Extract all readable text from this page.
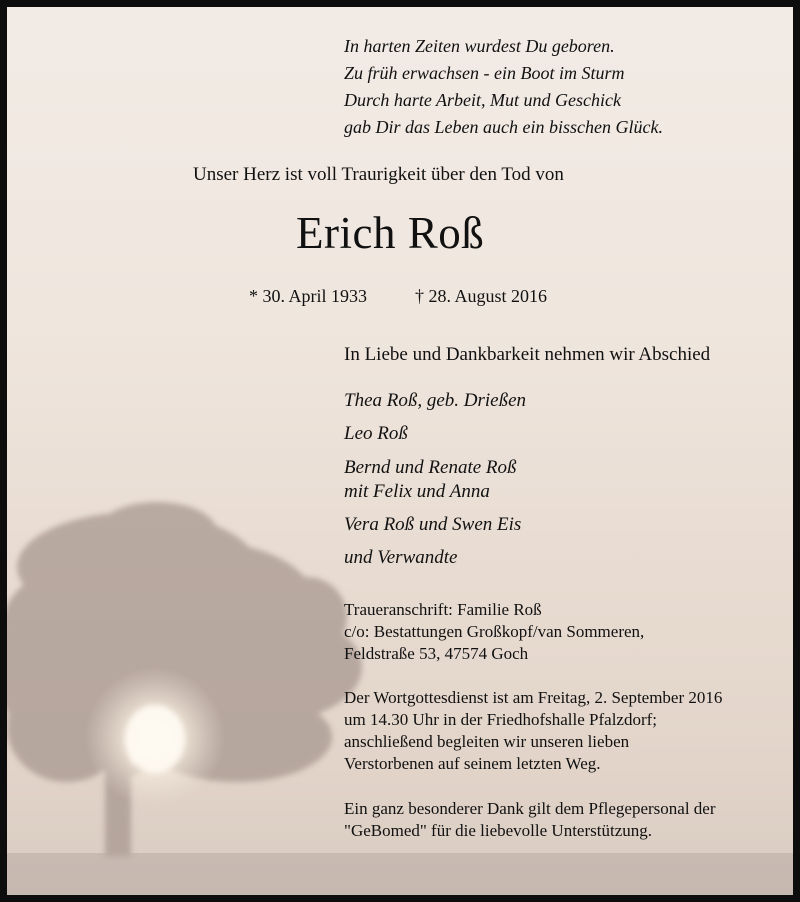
In harten Zeiten wurdest Du geboren.
Zu früh erwachsen - ein Boot im Sturm
Durch harte Arbeit, Mut und Geschick
gab Dir das Leben auch ein bisschen Glück.
Unser Herz ist voll Traurigkeit über den Tod von
Erich Roß
* 30. April 1933	† 28. August 2016
In Liebe und Dankbarkeit nehmen wir Abschied
Thea Roß, geb. Drießen
Leo Roß
Bernd und Renate Roß
mit Felix und Anna
Vera Roß und Swen Eis
und Verwandte
Traueranschrift: Familie Roß
c/o: Bestattungen Großkopf/van Sommeren,
Feldstraße 53, 47574 Goch
Der Wortgottesdienst ist am Freitag, 2. September 2016
um 14.30 Uhr in der Friedhofshalle Pfalzdorf;
anschließend begleiten wir unseren lieben
Verstorbenen auf seinem letzten Weg.
Ein ganz besonderer Dank gilt dem Pflegepersonal der
"GeBomed" für die liebevolle Unterstützung.
